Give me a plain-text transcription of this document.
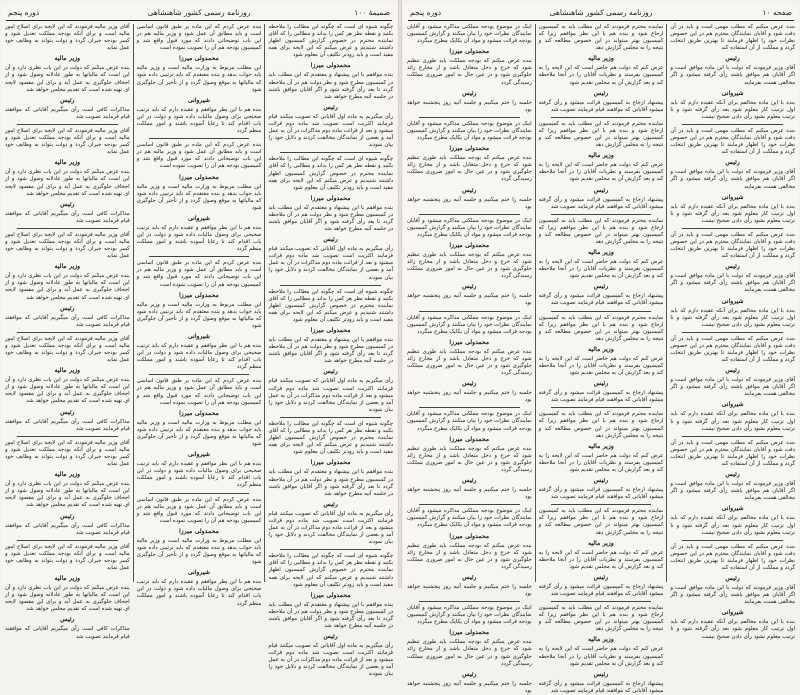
ضمیمهٔ ۱۰۰
روزنامه رسمی کشور شاهنشاهی
دوره پنجم
چگونه شیوه ای است که چگونه این مطالب را ملاحظه بکنید و نقطه نظر هر کس را بداند و مطالبی را که آقای نماینده محترم در خصوص گزارش کمیسیون اظهار داشتند شنیدیم و عرض میکنم که این لایحه برای همه مفید است و باید زودتر تکلیف آن معلوم شود
محمدولی میرزا
بنده موافقم با این پیشنهاد و معتقدم که این مطلب باید در کمیسیون مطرح شود و نظر دولت هم در آن ملاحظه گردد تا بعد رأی گرفته شود و اگر آقایان موافق باشند در جلسه آتیه مطرح خواهد شد
رئیس
رأی میگیریم به ماده اول آقایانی که تصویب میکنند قیام فرمایند اکثریت است تصویب شد ماده دوم قرائت میشود و بعد از قرائت ماده دوم مذاکرات در آن به عمل آمد و بعضی از نمایندگان مخالفت کردند و دلایل خود را بیان نمودند
چگونه شیوه ای است که چگونه این مطالب را ملاحظه بکنید و نقطه نظر هر کس را بداند و مطالبی را که آقای نماینده محترم در خصوص گزارش کمیسیون اظهار داشتند شنیدیم و عرض میکنم که این لایحه برای همه مفید است و باید زودتر تکلیف آن معلوم شود
محمدولی میرزا
بنده موافقم با این پیشنهاد و معتقدم که این مطلب باید در کمیسیون مطرح شود و نظر دولت هم در آن ملاحظه گردد تا بعد رأی گرفته شود و اگر آقایان موافق باشند در جلسه آتیه مطرح خواهد شد
رئیس
رأی میگیریم به ماده اول آقایانی که تصویب میکنند قیام فرمایند اکثریت است تصویب شد ماده دوم قرائت میشود و بعد از قرائت ماده دوم مذاکرات در آن به عمل آمد و بعضی از نمایندگان مخالفت کردند و دلایل خود را بیان نمودند
چگونه شیوه ای است که چگونه این مطالب را ملاحظه بکنید و نقطه نظر هر کس را بداند و مطالبی را که آقای نماینده محترم در خصوص گزارش کمیسیون اظهار داشتند شنیدیم و عرض میکنم که این لایحه برای همه مفید است و باید زودتر تکلیف آن معلوم شود
محمدولی میرزا
بنده موافقم با این پیشنهاد و معتقدم که این مطلب باید در کمیسیون مطرح شود و نظر دولت هم در آن ملاحظه گردد تا بعد رأی گرفته شود و اگر آقایان موافق باشند در جلسه آتیه مطرح خواهد شد
رئیس
رأی میگیریم به ماده اول آقایانی که تصویب میکنند قیام فرمایند اکثریت است تصویب شد ماده دوم قرائت میشود و بعد از قرائت ماده دوم مذاکرات در آن به عمل آمد و بعضی از نمایندگان مخالفت کردند و دلایل خود را بیان نمودند
چگونه شیوه ای است که چگونه این مطالب را ملاحظه بکنید و نقطه نظر هر کس را بداند و مطالبی را که آقای نماینده محترم در خصوص گزارش کمیسیون اظهار داشتند شنیدیم و عرض میکنم که این لایحه برای همه مفید است و باید زودتر تکلیف آن معلوم شود
محمدولی میرزا
بنده موافقم با این پیشنهاد و معتقدم که این مطلب باید در کمیسیون مطرح شود و نظر دولت هم در آن ملاحظه گردد تا بعد رأی گرفته شود و اگر آقایان موافق باشند در جلسه آتیه مطرح خواهد شد
رئیس
رأی میگیریم به ماده اول آقایانی که تصویب میکنند قیام فرمایند اکثریت است تصویب شد ماده دوم قرائت میشود و بعد از قرائت ماده دوم مذاکرات در آن به عمل آمد و بعضی از نمایندگان مخالفت کردند و دلایل خود را بیان نمودند
چگونه شیوه ای است که چگونه این مطالب را ملاحظه بکنید و نقطه نظر هر کس را بداند و مطالبی را که آقای نماینده محترم در خصوص گزارش کمیسیون اظهار داشتند شنیدیم و عرض میکنم که این لایحه برای همه مفید است و باید زودتر تکلیف آن معلوم شود
محمدولی میرزا
بنده موافقم با این پیشنهاد و معتقدم که این مطلب باید در کمیسیون مطرح شود و نظر دولت هم در آن ملاحظه گردد تا بعد رأی گرفته شود و اگر آقایان موافق باشند در جلسه آتیه مطرح خواهد شد
رئیس
رأی میگیریم به ماده اول آقایانی که تصویب میکنند قیام فرمایند اکثریت است تصویب شد ماده دوم قرائت میشود و بعد از قرائت ماده دوم مذاکرات در آن به عمل آمد و بعضی از نمایندگان مخالفت کردند و دلایل خود را بیان نمودند
بنده عرض کردم که این ماده بر طبق قانون اساسی است و باید مطابق آن عمل شود و وزیر مالیه هم در این باب توضیحاتی دادند که مورد قبول واقع شد و کمیسیون بودجه هم آن را تصویب نموده است
محمدولی میرزا
این مطلب مربوط به وزارت مالیه است و وزیر مالیه باید جواب بدهد و بنده معتقدم که باید ترتیبی داده شود که مالیاتها به موقع وصول گردد و از تأخیر آن جلوگیری شود
شیروانی
بنده هم با این نظر موافقم و عقیده دارم که باید ترتیب صحیحی برای وصول مالیات داده شود و دولت در این باب اقدام کند تا رعایا آسوده باشند و امور مملکت منظم گردد
بنده عرض کردم که این ماده بر طبق قانون اساسی است و باید مطابق آن عمل شود و وزیر مالیه هم در این باب توضیحاتی دادند که مورد قبول واقع شد و کمیسیون بودجه هم آن را تصویب نموده است
محمدولی میرزا
این مطلب مربوط به وزارت مالیه است و وزیر مالیه باید جواب بدهد و بنده معتقدم که باید ترتیبی داده شود که مالیاتها به موقع وصول گردد و از تأخیر آن جلوگیری شود
شیروانی
بنده هم با این نظر موافقم و عقیده دارم که باید ترتیب صحیحی برای وصول مالیات داده شود و دولت در این باب اقدام کند تا رعایا آسوده باشند و امور مملکت منظم گردد
بنده عرض کردم که این ماده بر طبق قانون اساسی است و باید مطابق آن عمل شود و وزیر مالیه هم در این باب توضیحاتی دادند که مورد قبول واقع شد و کمیسیون بودجه هم آن را تصویب نموده است
محمدولی میرزا
این مطلب مربوط به وزارت مالیه است و وزیر مالیه باید جواب بدهد و بنده معتقدم که باید ترتیبی داده شود که مالیاتها به موقع وصول گردد و از تأخیر آن جلوگیری شود
شیروانی
بنده هم با این نظر موافقم و عقیده دارم که باید ترتیب صحیحی برای وصول مالیات داده شود و دولت در این باب اقدام کند تا رعایا آسوده باشند و امور مملکت منظم گردد
بنده عرض کردم که این ماده بر طبق قانون اساسی است و باید مطابق آن عمل شود و وزیر مالیه هم در این باب توضیحاتی دادند که مورد قبول واقع شد و کمیسیون بودجه هم آن را تصویب نموده است
محمدولی میرزا
این مطلب مربوط به وزارت مالیه است و وزیر مالیه باید جواب بدهد و بنده معتقدم که باید ترتیبی داده شود که مالیاتها به موقع وصول گردد و از تأخیر آن جلوگیری شود
شیروانی
بنده هم با این نظر موافقم و عقیده دارم که باید ترتیب صحیحی برای وصول مالیات داده شود و دولت در این باب اقدام کند تا رعایا آسوده باشند و امور مملکت منظم گردد
بنده عرض کردم که این ماده بر طبق قانون اساسی است و باید مطابق آن عمل شود و وزیر مالیه هم در این باب توضیحاتی دادند که مورد قبول واقع شد و کمیسیون بودجه هم آن را تصویب نموده است
محمدولی میرزا
این مطلب مربوط به وزارت مالیه است و وزیر مالیه باید جواب بدهد و بنده معتقدم که باید ترتیبی داده شود که مالیاتها به موقع وصول گردد و از تأخیر آن جلوگیری شود
شیروانی
بنده هم با این نظر موافقم و عقیده دارم که باید ترتیب صحیحی برای وصول مالیات داده شود و دولت در این باب اقدام کند تا رعایا آسوده باشند و امور مملکت منظم گردد
آقای وزیر مالیه فرمودند که این لایحه برای اصلاح امور مالیه است و برای آنکه بودجه مملکت تعدیل شود و کسر بودجه جبران گردد و دولت بتواند به وظایف خود عمل نماید
وزیر مالیه
بنده عرض میکنم که دولت در این باب نظری دارد و آن این است که مالیاتها به طور عادلانه وصول شود و از اجحاف جلوگیری به عمل آید و برای این مقصود لایحه ای تهیه شده است که تقدیم مجلس خواهد شد
رئیس
مذاکرات کافی است رأی میگیریم آقایانی که موافقند قیام فرمایند تصویب شد
آقای وزیر مالیه فرمودند که این لایحه برای اصلاح امور مالیه است و برای آنکه بودجه مملکت تعدیل شود و کسر بودجه جبران گردد و دولت بتواند به وظایف خود عمل نماید
وزیر مالیه
بنده عرض میکنم که دولت در این باب نظری دارد و آن این است که مالیاتها به طور عادلانه وصول شود و از اجحاف جلوگیری به عمل آید و برای این مقصود لایحه ای تهیه شده است که تقدیم مجلس خواهد شد
رئیس
مذاکرات کافی است رأی میگیریم آقایانی که موافقند قیام فرمایند تصویب شد
آقای وزیر مالیه فرمودند که این لایحه برای اصلاح امور مالیه است و برای آنکه بودجه مملکت تعدیل شود و کسر بودجه جبران گردد و دولت بتواند به وظایف خود عمل نماید
وزیر مالیه
بنده عرض میکنم که دولت در این باب نظری دارد و آن این است که مالیاتها به طور عادلانه وصول شود و از اجحاف جلوگیری به عمل آید و برای این مقصود لایحه ای تهیه شده است که تقدیم مجلس خواهد شد
رئیس
مذاکرات کافی است رأی میگیریم آقایانی که موافقند قیام فرمایند تصویب شد
آقای وزیر مالیه فرمودند که این لایحه برای اصلاح امور مالیه است و برای آنکه بودجه مملکت تعدیل شود و کسر بودجه جبران گردد و دولت بتواند به وظایف خود عمل نماید
وزیر مالیه
بنده عرض میکنم که دولت در این باب نظری دارد و آن این است که مالیاتها به طور عادلانه وصول شود و از اجحاف جلوگیری به عمل آید و برای این مقصود لایحه ای تهیه شده است که تقدیم مجلس خواهد شد
رئیس
مذاکرات کافی است رأی میگیریم آقایانی که موافقند قیام فرمایند تصویب شد
آقای وزیر مالیه فرمودند که این لایحه برای اصلاح امور مالیه است و برای آنکه بودجه مملکت تعدیل شود و کسر بودجه جبران گردد و دولت بتواند به وظایف خود عمل نماید
وزیر مالیه
بنده عرض میکنم که دولت در این باب نظری دارد و آن این است که مالیاتها به طور عادلانه وصول شود و از اجحاف جلوگیری به عمل آید و برای این مقصود لایحه ای تهیه شده است که تقدیم مجلس خواهد شد
رئیس
مذاکرات کافی است رأی میگیریم آقایانی که موافقند قیام فرمایند تصویب شد
آقای وزیر مالیه فرمودند که این لایحه برای اصلاح امور مالیه است و برای آنکه بودجه مملکت تعدیل شود و کسر بودجه جبران گردد و دولت بتواند به وظایف خود عمل نماید
وزیر مالیه
بنده عرض میکنم که دولت در این باب نظری دارد و آن این است که مالیاتها به طور عادلانه وصول شود و از اجحاف جلوگیری به عمل آید و برای این مقصود لایحه ای تهیه شده است که تقدیم مجلس خواهد شد
رئیس
مذاکرات کافی است رأی میگیریم آقایانی که موافقند قیام فرمایند تصویب شد
صفحه ۱۰
روزنامه رسمی کشور شاهنشاهی
دوره پنجم
بنده عرض میکنم که مطلب مهمی است و باید در آن دقت شود و آقایان نمایندگان محترم هم در این خصوص نظرات خود را اظهار فرمایند تا بهترین طریق انتخاب گردد و مملکت از آن استفاده کند
رئیس
آقای وزیر فرمودند که دولت با این ماده موافق است و اگر آقایان هم موافق باشند رأی گرفته میشود و اگر مخالفی هست بفرمایند
شیروانی
بنده با این ماده مخالفم برای آنکه عقیده دارم که باید اول ترتیب کار معلوم شود بعد رأی گرفته شود و تا ترتیب معلوم نشود رأی دادن صحیح نیست
بنده عرض میکنم که مطلب مهمی است و باید در آن دقت شود و آقایان نمایندگان محترم هم در این خصوص نظرات خود را اظهار فرمایند تا بهترین طریق انتخاب گردد و مملکت از آن استفاده کند
رئیس
آقای وزیر فرمودند که دولت با این ماده موافق است و اگر آقایان هم موافق باشند رأی گرفته میشود و اگر مخالفی هست بفرمایند
شیروانی
بنده با این ماده مخالفم برای آنکه عقیده دارم که باید اول ترتیب کار معلوم شود بعد رأی گرفته شود و تا ترتیب معلوم نشود رأی دادن صحیح نیست
بنده عرض میکنم که مطلب مهمی است و باید در آن دقت شود و آقایان نمایندگان محترم هم در این خصوص نظرات خود را اظهار فرمایند تا بهترین طریق انتخاب گردد و مملکت از آن استفاده کند
رئیس
آقای وزیر فرمودند که دولت با این ماده موافق است و اگر آقایان هم موافق باشند رأی گرفته میشود و اگر مخالفی هست بفرمایند
شیروانی
بنده با این ماده مخالفم برای آنکه عقیده دارم که باید اول ترتیب کار معلوم شود بعد رأی گرفته شود و تا ترتیب معلوم نشود رأی دادن صحیح نیست
بنده عرض میکنم که مطلب مهمی است و باید در آن دقت شود و آقایان نمایندگان محترم هم در این خصوص نظرات خود را اظهار فرمایند تا بهترین طریق انتخاب گردد و مملکت از آن استفاده کند
رئیس
آقای وزیر فرمودند که دولت با این ماده موافق است و اگر آقایان هم موافق باشند رأی گرفته میشود و اگر مخالفی هست بفرمایند
شیروانی
بنده با این ماده مخالفم برای آنکه عقیده دارم که باید اول ترتیب کار معلوم شود بعد رأی گرفته شود و تا ترتیب معلوم نشود رأی دادن صحیح نیست
بنده عرض میکنم که مطلب مهمی است و باید در آن دقت شود و آقایان نمایندگان محترم هم در این خصوص نظرات خود را اظهار فرمایند تا بهترین طریق انتخاب گردد و مملکت از آن استفاده کند
رئیس
آقای وزیر فرمودند که دولت با این ماده موافق است و اگر آقایان هم موافق باشند رأی گرفته میشود و اگر مخالفی هست بفرمایند
شیروانی
بنده با این ماده مخالفم برای آنکه عقیده دارم که باید اول ترتیب کار معلوم شود بعد رأی گرفته شود و تا ترتیب معلوم نشود رأی دادن صحیح نیست
بنده عرض میکنم که مطلب مهمی است و باید در آن دقت شود و آقایان نمایندگان محترم هم در این خصوص نظرات خود را اظهار فرمایند تا بهترین طریق انتخاب گردد و مملکت از آن استفاده کند
رئیس
آقای وزیر فرمودند که دولت با این ماده موافق است و اگر آقایان هم موافق باشند رأی گرفته میشود و اگر مخالفی هست بفرمایند
شیروانی
بنده با این ماده مخالفم برای آنکه عقیده دارم که باید اول ترتیب کار معلوم شود بعد رأی گرفته شود و تا ترتیب معلوم نشود رأی دادن صحیح نیست
نماینده محترم فرمودند که این مطلب باید به کمیسیون ارجاع شود و بنده هم با این نظر موافقم زیرا که کمیسیون بهتر میتواند در این خصوص مطالعه کند و نتیجه را به مجلس گزارش دهد
وزیر مالیه
عرض کنم که دولت هم حاضر است که این لایحه را به کمیسیون بفرستد و نظریات آقایان را در آنجا ملاحظه کند و بعد گزارش آن به مجلس تقدیم شود
رئیس
پیشنهاد ارجاع به کمیسیون قرائت میشود و رأی گرفته میشود آقایانی که موافقند قیام فرمایند تصویب شد
نماینده محترم فرمودند که این مطلب باید به کمیسیون ارجاع شود و بنده هم با این نظر موافقم زیرا که کمیسیون بهتر میتواند در این خصوص مطالعه کند و نتیجه را به مجلس گزارش دهد
وزیر مالیه
عرض کنم که دولت هم حاضر است که این لایحه را به کمیسیون بفرستد و نظریات آقایان را در آنجا ملاحظه کند و بعد گزارش آن به مجلس تقدیم شود
رئیس
پیشنهاد ارجاع به کمیسیون قرائت میشود و رأی گرفته میشود آقایانی که موافقند قیام فرمایند تصویب شد
نماینده محترم فرمودند که این مطلب باید به کمیسیون ارجاع شود و بنده هم با این نظر موافقم زیرا که کمیسیون بهتر میتواند در این خصوص مطالعه کند و نتیجه را به مجلس گزارش دهد
وزیر مالیه
عرض کنم که دولت هم حاضر است که این لایحه را به کمیسیون بفرستد و نظریات آقایان را در آنجا ملاحظه کند و بعد گزارش آن به مجلس تقدیم شود
رئیس
پیشنهاد ارجاع به کمیسیون قرائت میشود و رأی گرفته میشود آقایانی که موافقند قیام فرمایند تصویب شد
نماینده محترم فرمودند که این مطلب باید به کمیسیون ارجاع شود و بنده هم با این نظر موافقم زیرا که کمیسیون بهتر میتواند در این خصوص مطالعه کند و نتیجه را به مجلس گزارش دهد
وزیر مالیه
عرض کنم که دولت هم حاضر است که این لایحه را به کمیسیون بفرستد و نظریات آقایان را در آنجا ملاحظه کند و بعد گزارش آن به مجلس تقدیم شود
رئیس
پیشنهاد ارجاع به کمیسیون قرائت میشود و رأی گرفته میشود آقایانی که موافقند قیام فرمایند تصویب شد
نماینده محترم فرمودند که این مطلب باید به کمیسیون ارجاع شود و بنده هم با این نظر موافقم زیرا که کمیسیون بهتر میتواند در این خصوص مطالعه کند و نتیجه را به مجلس گزارش دهد
وزیر مالیه
عرض کنم که دولت هم حاضر است که این لایحه را به کمیسیون بفرستد و نظریات آقایان را در آنجا ملاحظه کند و بعد گزارش آن به مجلس تقدیم شود
رئیس
پیشنهاد ارجاع به کمیسیون قرائت میشود و رأی گرفته میشود آقایانی که موافقند قیام فرمایند تصویب شد
نماینده محترم فرمودند که این مطلب باید به کمیسیون ارجاع شود و بنده هم با این نظر موافقم زیرا که کمیسیون بهتر میتواند در این خصوص مطالعه کند و نتیجه را به مجلس گزارش دهد
وزیر مالیه
عرض کنم که دولت هم حاضر است که این لایحه را به کمیسیون بفرستد و نظریات آقایان را در آنجا ملاحظه کند و بعد گزارش آن به مجلس تقدیم شود
رئیس
پیشنهاد ارجاع به کمیسیون قرائت میشود و رأی گرفته میشود آقایانی که موافقند قیام فرمایند تصویب شد
نماینده محترم فرمودند که این مطلب باید به کمیسیون ارجاع شود و بنده هم با این نظر موافقم زیرا که کمیسیون بهتر میتواند در این خصوص مطالعه کند و نتیجه را به مجلس گزارش دهد
وزیر مالیه
عرض کنم که دولت هم حاضر است که این لایحه را به کمیسیون بفرستد و نظریات آقایان را در آنجا ملاحظه کند و بعد گزارش آن به مجلس تقدیم شود
رئیس
پیشنهاد ارجاع به کمیسیون قرائت میشود و رأی گرفته میشود آقایانی که موافقند قیام فرمایند تصویب شد
اینک در موضوع بودجه مملکتی مذاکره میشود و آقایان نمایندگان نظرات خود را بیان میکنند و گزارش کمیسیون بودجه قرائت میشود و مواد آن یکایک مطرح میگردد
محمدولی میرزا
بنده عرض میکنم که بودجه مملکت باید طوری تنظیم شود که خرج و دخل متعادل باشد و از مخارج زائد جلوگیری شود و در عین حال به امور ضروری مملکت رسیدگی گردد
رئیس
جلسه را ختم میکنیم و جلسه آتیه روز پنجشنبه خواهد بود
اینک در موضوع بودجه مملکتی مذاکره میشود و آقایان نمایندگان نظرات خود را بیان میکنند و گزارش کمیسیون بودجه قرائت میشود و مواد آن یکایک مطرح میگردد
محمدولی میرزا
بنده عرض میکنم که بودجه مملکت باید طوری تنظیم شود که خرج و دخل متعادل باشد و از مخارج زائد جلوگیری شود و در عین حال به امور ضروری مملکت رسیدگی گردد
رئیس
جلسه را ختم میکنیم و جلسه آتیه روز پنجشنبه خواهد بود
اینک در موضوع بودجه مملکتی مذاکره میشود و آقایان نمایندگان نظرات خود را بیان میکنند و گزارش کمیسیون بودجه قرائت میشود و مواد آن یکایک مطرح میگردد
محمدولی میرزا
بنده عرض میکنم که بودجه مملکت باید طوری تنظیم شود که خرج و دخل متعادل باشد و از مخارج زائد جلوگیری شود و در عین حال به امور ضروری مملکت رسیدگی گردد
رئیس
جلسه را ختم میکنیم و جلسه آتیه روز پنجشنبه خواهد بود
اینک در موضوع بودجه مملکتی مذاکره میشود و آقایان نمایندگان نظرات خود را بیان میکنند و گزارش کمیسیون بودجه قرائت میشود و مواد آن یکایک مطرح میگردد
محمدولی میرزا
بنده عرض میکنم که بودجه مملکت باید طوری تنظیم شود که خرج و دخل متعادل باشد و از مخارج زائد جلوگیری شود و در عین حال به امور ضروری مملکت رسیدگی گردد
رئیس
جلسه را ختم میکنیم و جلسه آتیه روز پنجشنبه خواهد بود
اینک در موضوع بودجه مملکتی مذاکره میشود و آقایان نمایندگان نظرات خود را بیان میکنند و گزارش کمیسیون بودجه قرائت میشود و مواد آن یکایک مطرح میگردد
محمدولی میرزا
بنده عرض میکنم که بودجه مملکت باید طوری تنظیم شود که خرج و دخل متعادل باشد و از مخارج زائد جلوگیری شود و در عین حال به امور ضروری مملکت رسیدگی گردد
رئیس
جلسه را ختم میکنیم و جلسه آتیه روز پنجشنبه خواهد بود
اینک در موضوع بودجه مملکتی مذاکره میشود و آقایان نمایندگان نظرات خود را بیان میکنند و گزارش کمیسیون بودجه قرائت میشود و مواد آن یکایک مطرح میگردد
محمدولی میرزا
بنده عرض میکنم که بودجه مملکت باید طوری تنظیم شود که خرج و دخل متعادل باشد و از مخارج زائد جلوگیری شود و در عین حال به امور ضروری مملکت رسیدگی گردد
رئیس
جلسه را ختم میکنیم و جلسه آتیه روز پنجشنبه خواهد بود
اینک در موضوع بودجه مملکتی مذاکره میشود و آقایان نمایندگان نظرات خود را بیان میکنند و گزارش کمیسیون بودجه قرائت میشود و مواد آن یکایک مطرح میگردد
محمدولی میرزا
بنده عرض میکنم که بودجه مملکت باید طوری تنظیم شود که خرج و دخل متعادل باشد و از مخارج زائد جلوگیری شود و در عین حال به امور ضروری مملکت رسیدگی گردد
رئیس
جلسه را ختم میکنیم و جلسه آتیه روز پنجشنبه خواهد بود
